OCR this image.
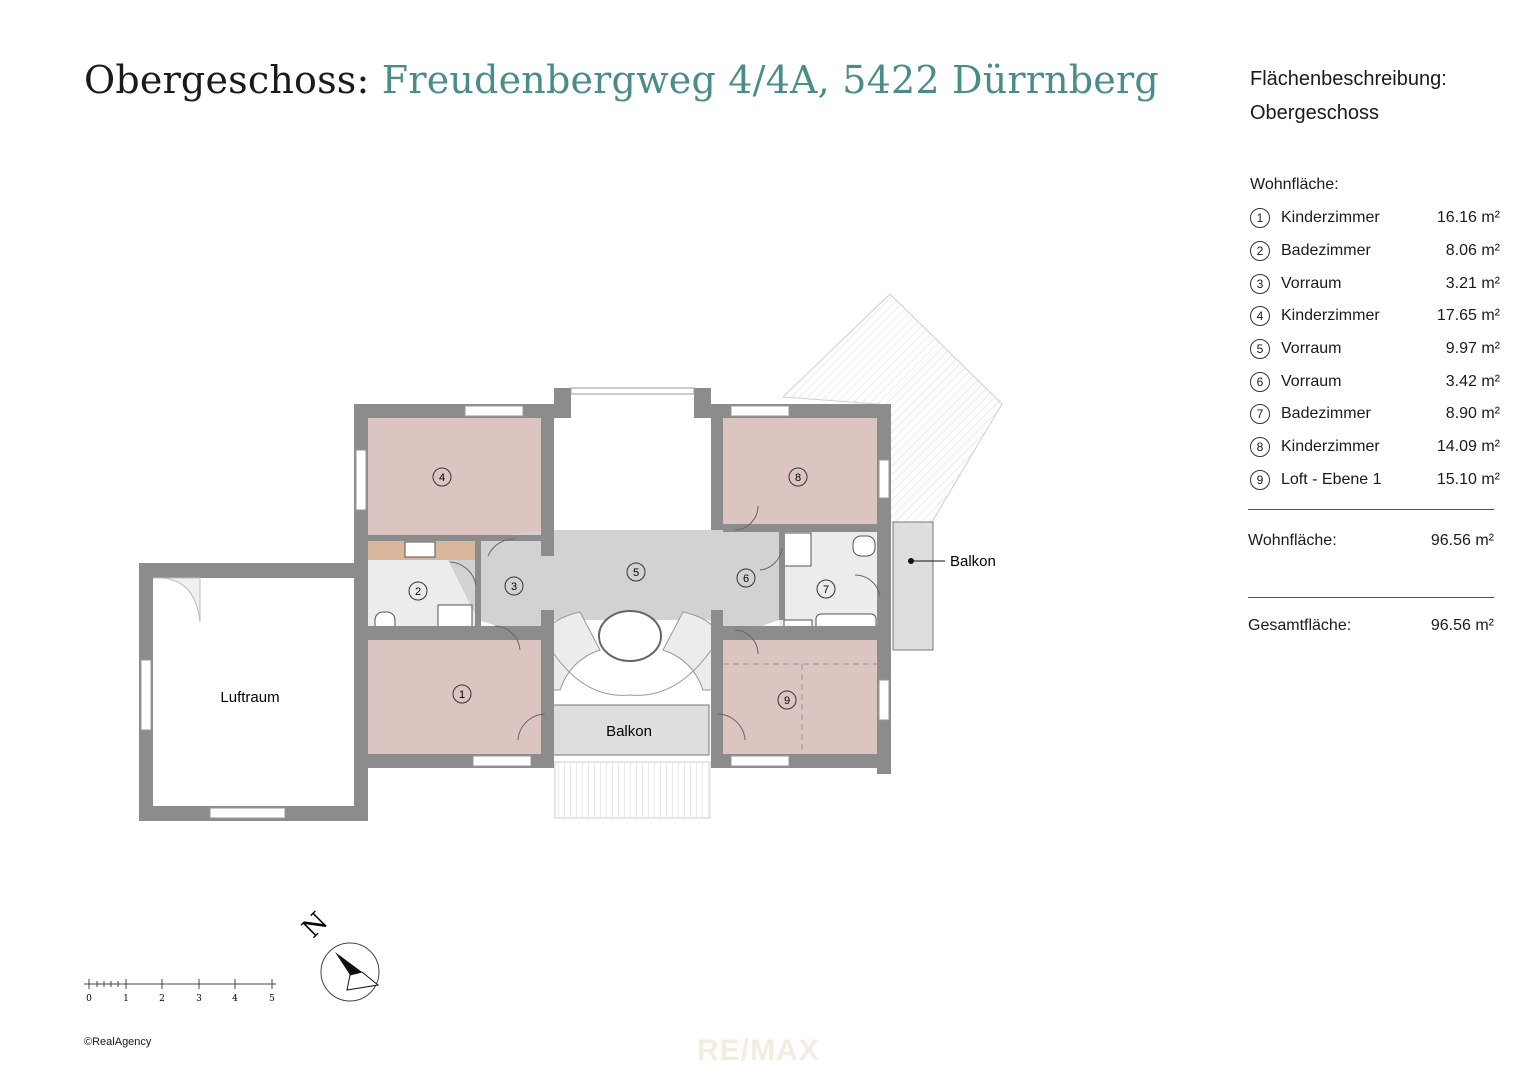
Obergeschoss: Freudenbergweg 4/4A, 5422 Dürrnberg	Flächenbeschreibung:
Obergeschoss
Wohnfläche:
1	Kinderzimmer	16.16 m²
2	Badezimmer	8.06 m²
3	Vorraum	3.21 m²
4	Kinderzimmer	17.65 m²
5	Vorraum	9.97 m²
6	Vorraum	3.42 m²
7	Badezimmer	8.90 m²
8	Kinderzimmer	14.09 m²
9	Loft - Ebene 1	15.10 m²
Wohnfläche:	96.56 m²
Gesamtfläche:	96.56 m²
1
2	3
4
5	6
7
8
9
Luftraum
Balkon
Balkon
N
0	1	2	3	4	5
©RealAgency	RE/MAX
